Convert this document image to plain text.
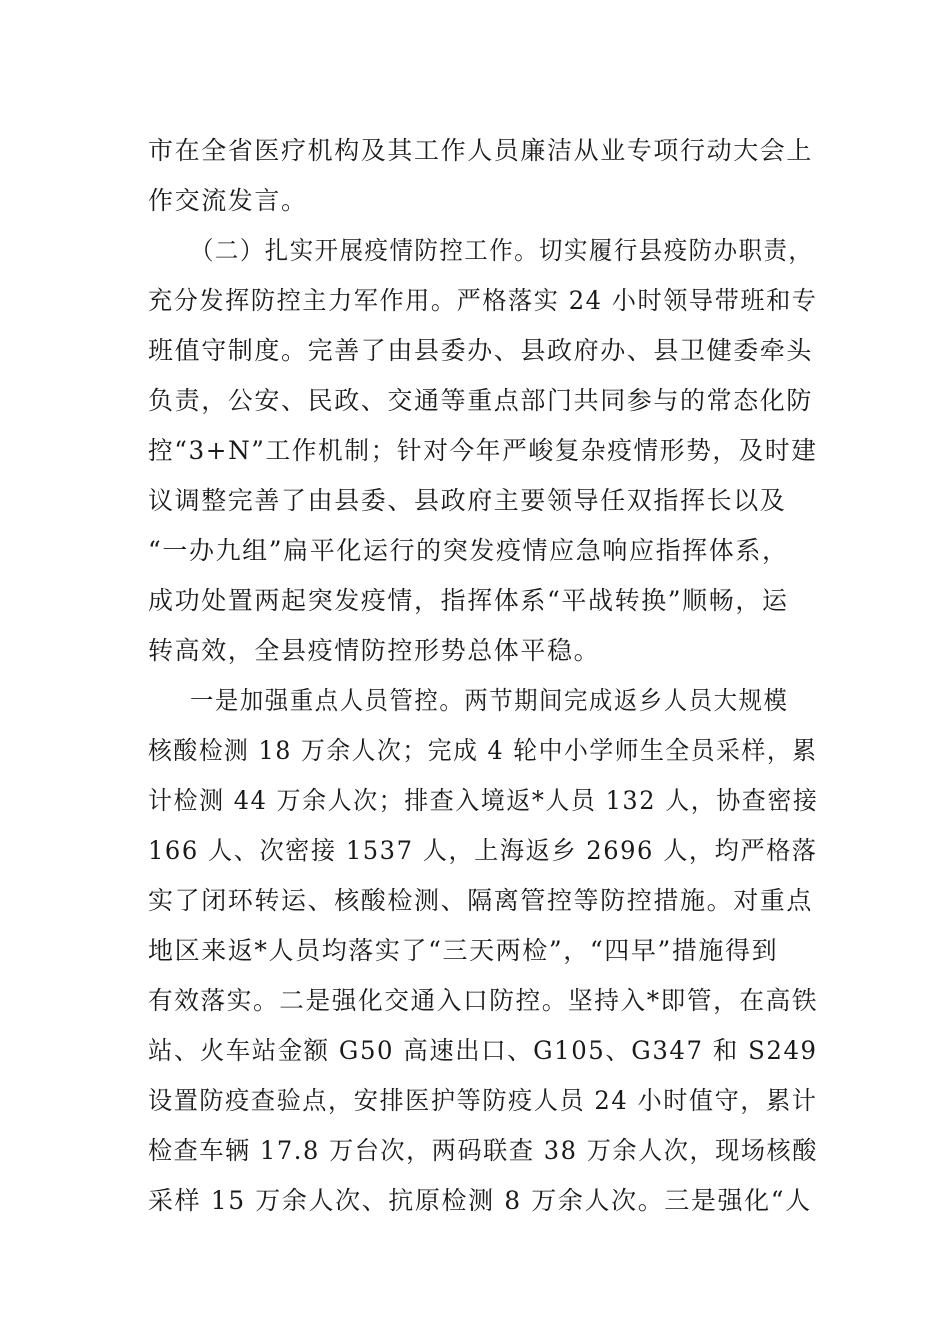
市在全省医疗机构及其工作人员廉洁从业专项行动大会上
作交流发言。
（二）扎实开展疫情防控工作。切实履行县疫防办职责，
充分发挥防控主力军作用。严格落实 24 小时领导带班和专
班值守制度。完善了由县委办、县政府办、县卫健委牵头
负责，公安、民政、交通等重点部门共同参与的常态化防
控“3+N”工作机制；针对今年严峻复杂疫情形势，及时建
议调整完善了由县委、县政府主要领导任双指挥长以及
“一办九组”扁平化运行的突发疫情应急响应指挥体系，
成功处置两起突发疫情，指挥体系“平战转换”顺畅，运
转高效，全县疫情防控形势总体平稳。
一是加强重点人员管控。两节期间完成返乡人员大规模
核酸检测 18 万余人次；完成 4 轮中小学师生全员采样，累
计检测 44 万余人次；排查入境返*人员 132 人，协查密接
166 人、次密接 1537 人，上海返乡 2696 人，均严格落
实了闭环转运、核酸检测、隔离管控等防控措施。对重点
地区来返*人员均落实了“三天两检”，“四早”措施得到
有效落实。二是强化交通入口防控。坚持入*即管，在高铁
站、火车站金额 G50 高速出口、G105、G347 和 S249
设置防疫查验点，安排医护等防疫人员 24 小时值守，累计
检查车辆 17.8 万台次，两码联查 38 万余人次，现场核酸
采样 15 万余人次、抗原检测 8 万余人次。三是强化“人
